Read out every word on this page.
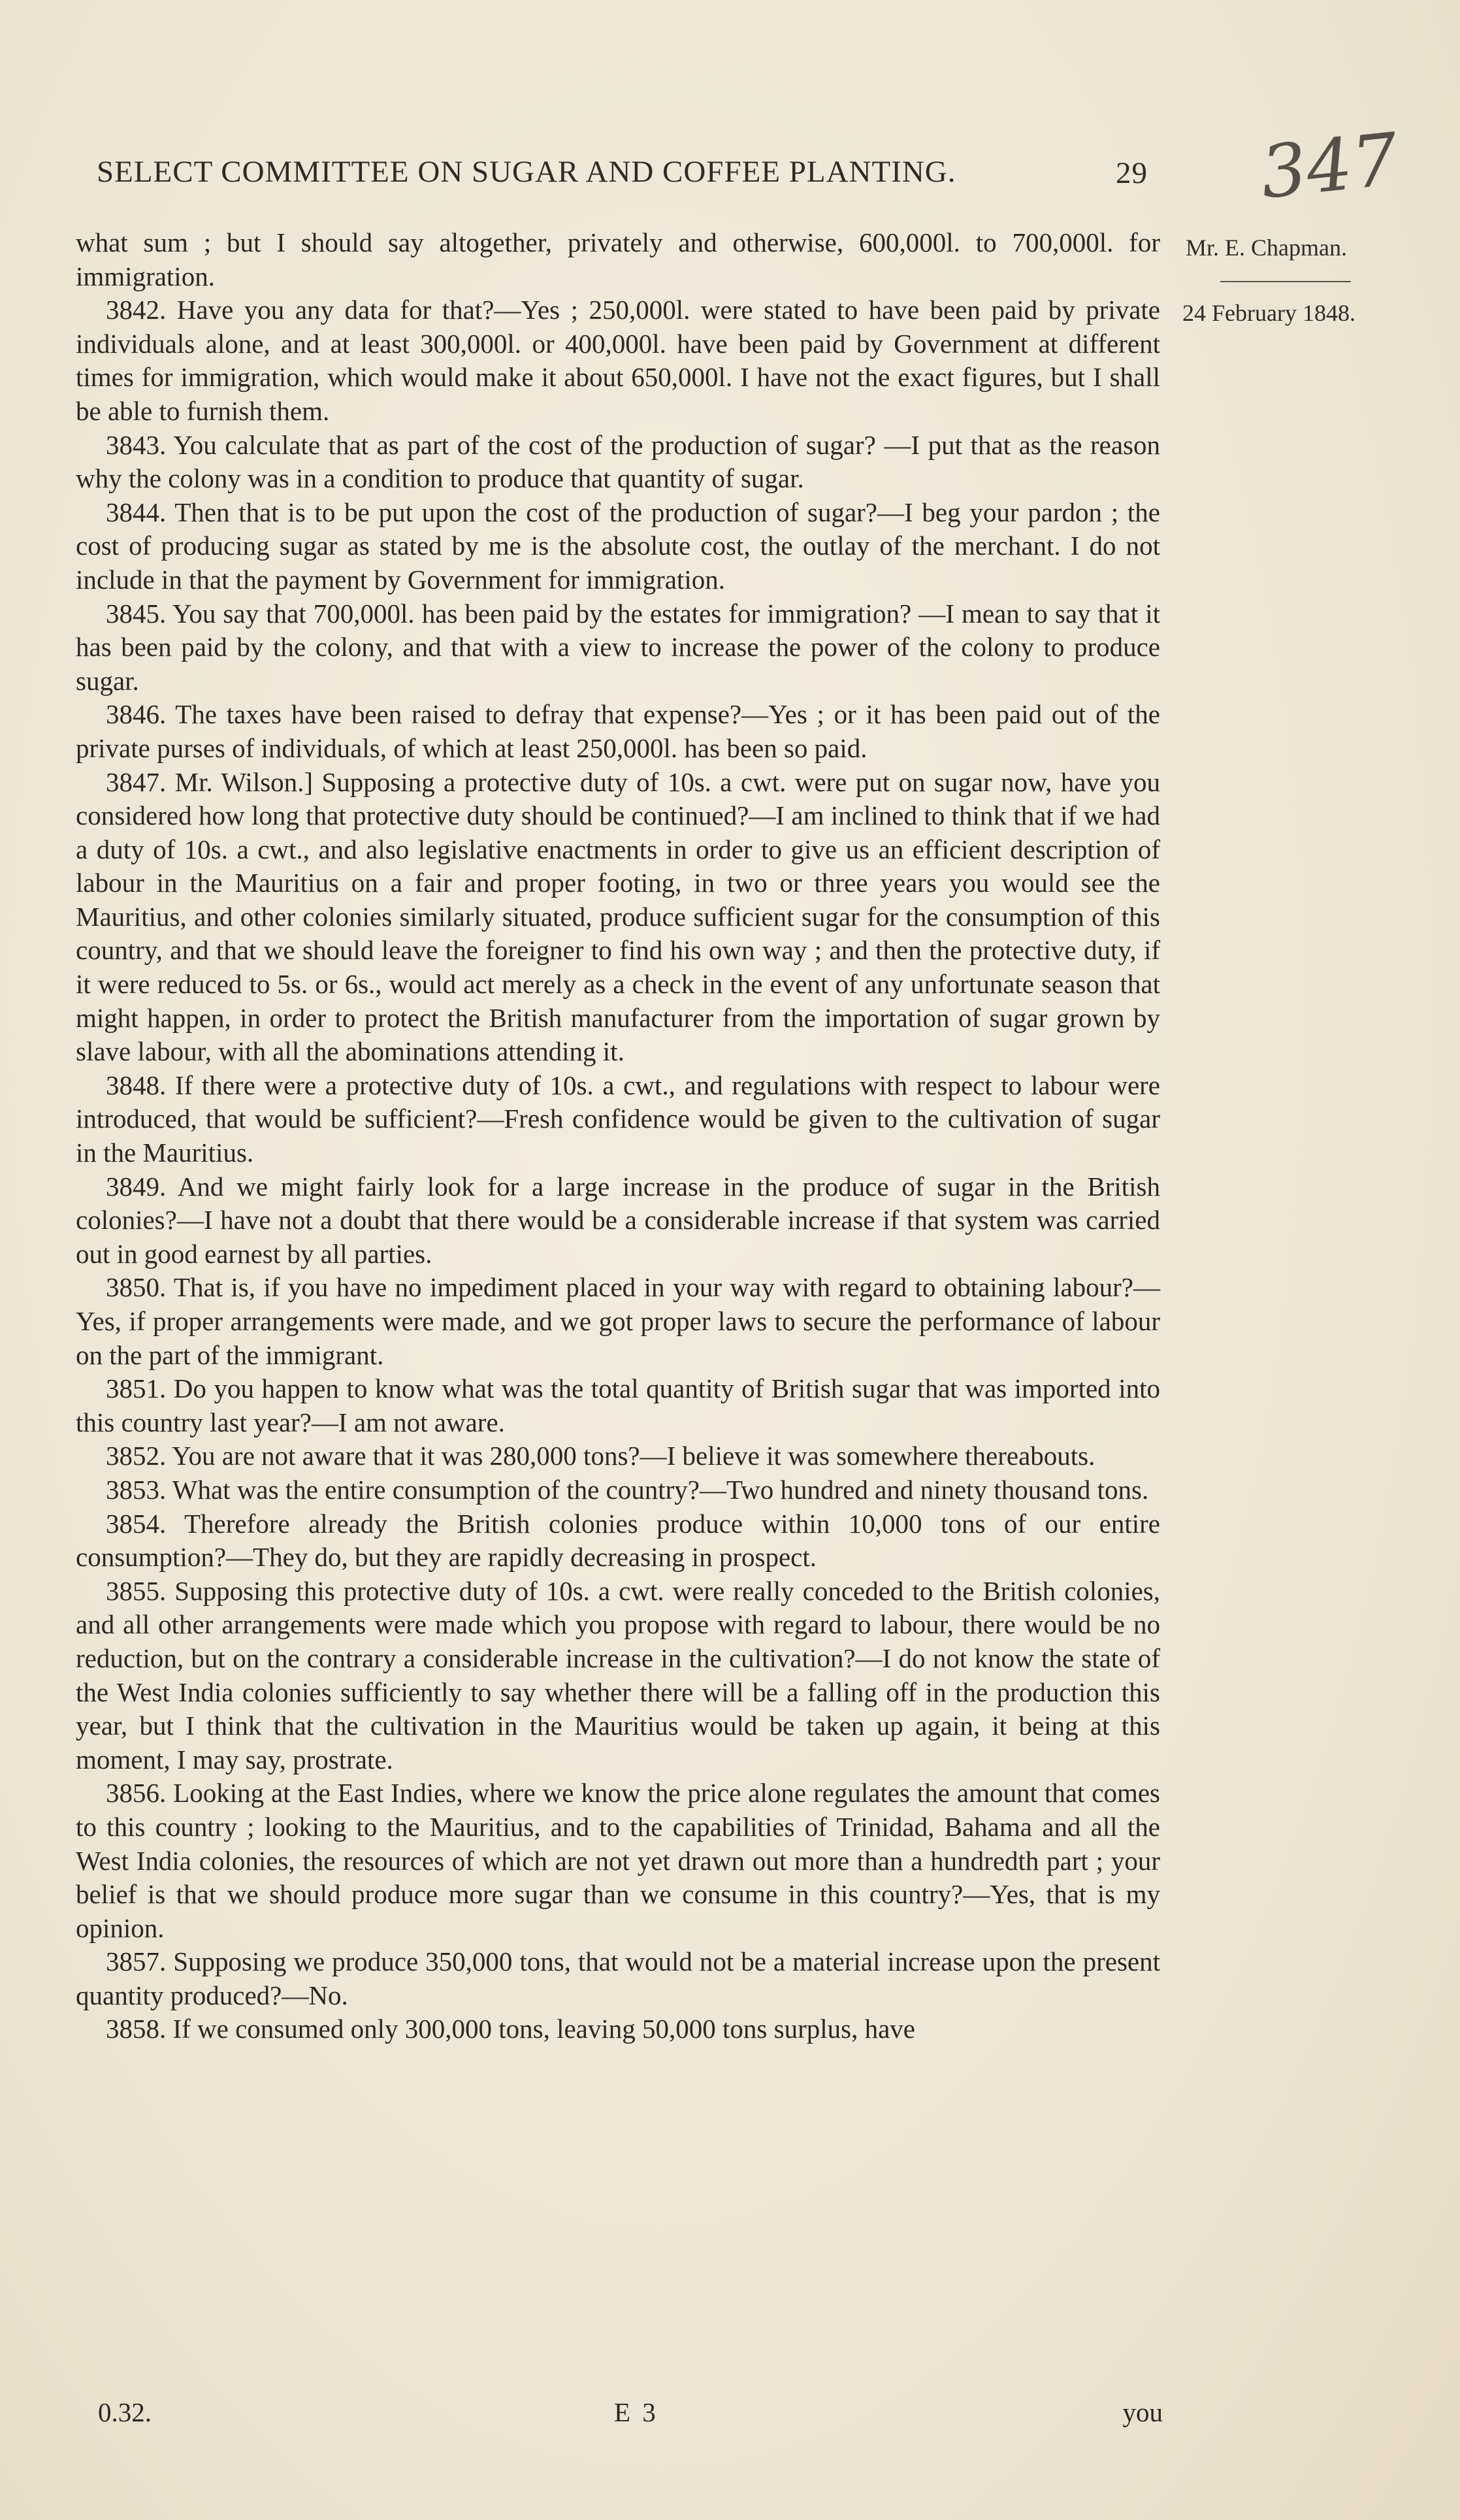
SELECT COMMITTEE ON SUGAR AND COFFEE PLANTING.	29 347
Mr. E. Chapman.
24 February 1848.

what sum ; but I should say altogether, privately and otherwise, 600,000l. to 700,000l. for immigration.

3842. Have you any data for that?—Yes ; 250,000l. were stated to have been paid by private individuals alone, and at least 300,000l. or 400,000l. have been paid by Government at different times for immigration, which would make it about 650,000l. I have not the exact figures, but I shall be able to furnish them.

3843. You calculate that as part of the cost of the production of sugar? —I put that as the reason why the colony was in a condition to produce that quantity of sugar.

3844. Then that is to be put upon the cost of the production of sugar?—I beg your pardon ; the cost of producing sugar as stated by me is the absolute cost, the outlay of the merchant. I do not include in that the payment by Government for immigration.

3845. You say that 700,000l. has been paid by the estates for immigration? —I mean to say that it has been paid by the colony, and that with a view to increase the power of the colony to produce sugar.

3846. The taxes have been raised to defray that expense?—Yes ; or it has been paid out of the private purses of individuals, of which at least 250,000l. has been so paid.

3847. Mr. Wilson.] Supposing a protective duty of 10s. a cwt. were put on sugar now, have you considered how long that protective duty should be continued?—I am inclined to think that if we had a duty of 10s. a cwt., and also legislative enactments in order to give us an efficient description of labour in the Mauritius on a fair and proper footing, in two or three years you would see the Mauritius, and other colonies similarly situated, produce sufficient sugar for the consumption of this country, and that we should leave the foreigner to find his own way ; and then the protective duty, if it were reduced to 5s. or 6s., would act merely as a check in the event of any unfortunate season that might happen, in order to protect the British manufacturer from the importation of sugar grown by slave labour, with all the abominations attending it.

3848. If there were a protective duty of 10s. a cwt., and regulations with respect to labour were introduced, that would be sufficient?—Fresh confidence would be given to the cultivation of sugar in the Mauritius.

3849. And we might fairly look for a large increase in the produce of sugar in the British colonies?—I have not a doubt that there would be a considerable increase if that system was carried out in good earnest by all parties.

3850. That is, if you have no impediment placed in your way with regard to obtaining labour?—Yes, if proper arrangements were made, and we got proper laws to secure the performance of labour on the part of the immigrant.

3851. Do you happen to know what was the total quantity of British sugar that was imported into this country last year?—I am not aware.

3852. You are not aware that it was 280,000 tons?—I believe it was somewhere thereabouts.

3853. What was the entire consumption of the country?—Two hundred and ninety thousand tons.

3854. Therefore already the British colonies produce within 10,000 tons of our entire consumption?—They do, but they are rapidly decreasing in prospect.

3855. Supposing this protective duty of 10s. a cwt. were really conceded to the British colonies, and all other arrangements were made which you propose with regard to labour, there would be no reduction, but on the contrary a considerable increase in the cultivation?—I do not know the state of the West India colonies sufficiently to say whether there will be a falling off in the production this year, but I think that the cultivation in the Mauritius would be taken up again, it being at this moment, I may say, prostrate.

3856. Looking at the East Indies, where we know the price alone regulates the amount that comes to this country ; looking to the Mauritius, and to the capabilities of Trinidad, Bahama and all the West India colonies, the resources of which are not yet drawn out more than a hundredth part ; your belief is that we should produce more sugar than we consume in this country?—Yes, that is my opinion.

3857. Supposing we produce 350,000 tons, that would not be a material increase upon the present quantity produced?—No.

3858. If we consumed only 300,000 tons, leaving 50,000 tons surplus, have

0.32.	E 3	you
